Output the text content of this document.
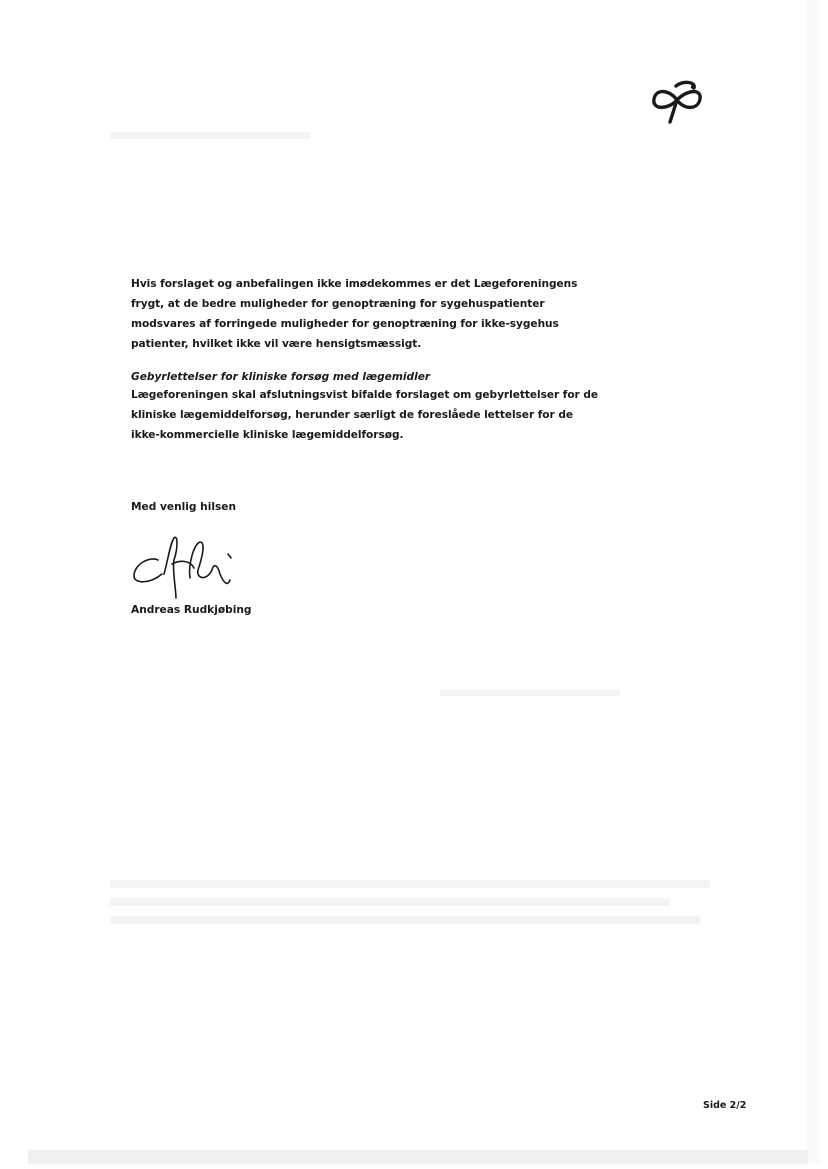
Hvis forslaget og anbefalingen ikke imødekommes er det Lægeforeningens frygt, at de bedre muligheder for genoptræning for sygehuspatienter modsvares af forringede muligheder for genoptræning for ikke-sygehus patienter, hvilket ikke vil være hensigtsmæssigt.
Gebyrlettelser for kliniske forsøg med lægemidler
Lægeforeningen skal afslutningsvist bifalde forslaget om gebyrlettelser for de kliniske lægemiddelforsøg, herunder særligt de foreslåede lettelser for de ikke-kommercielle kliniske lægemiddelforsøg.
Med venlig hilsen
Andreas Rudkjøbing
Side 2/2
